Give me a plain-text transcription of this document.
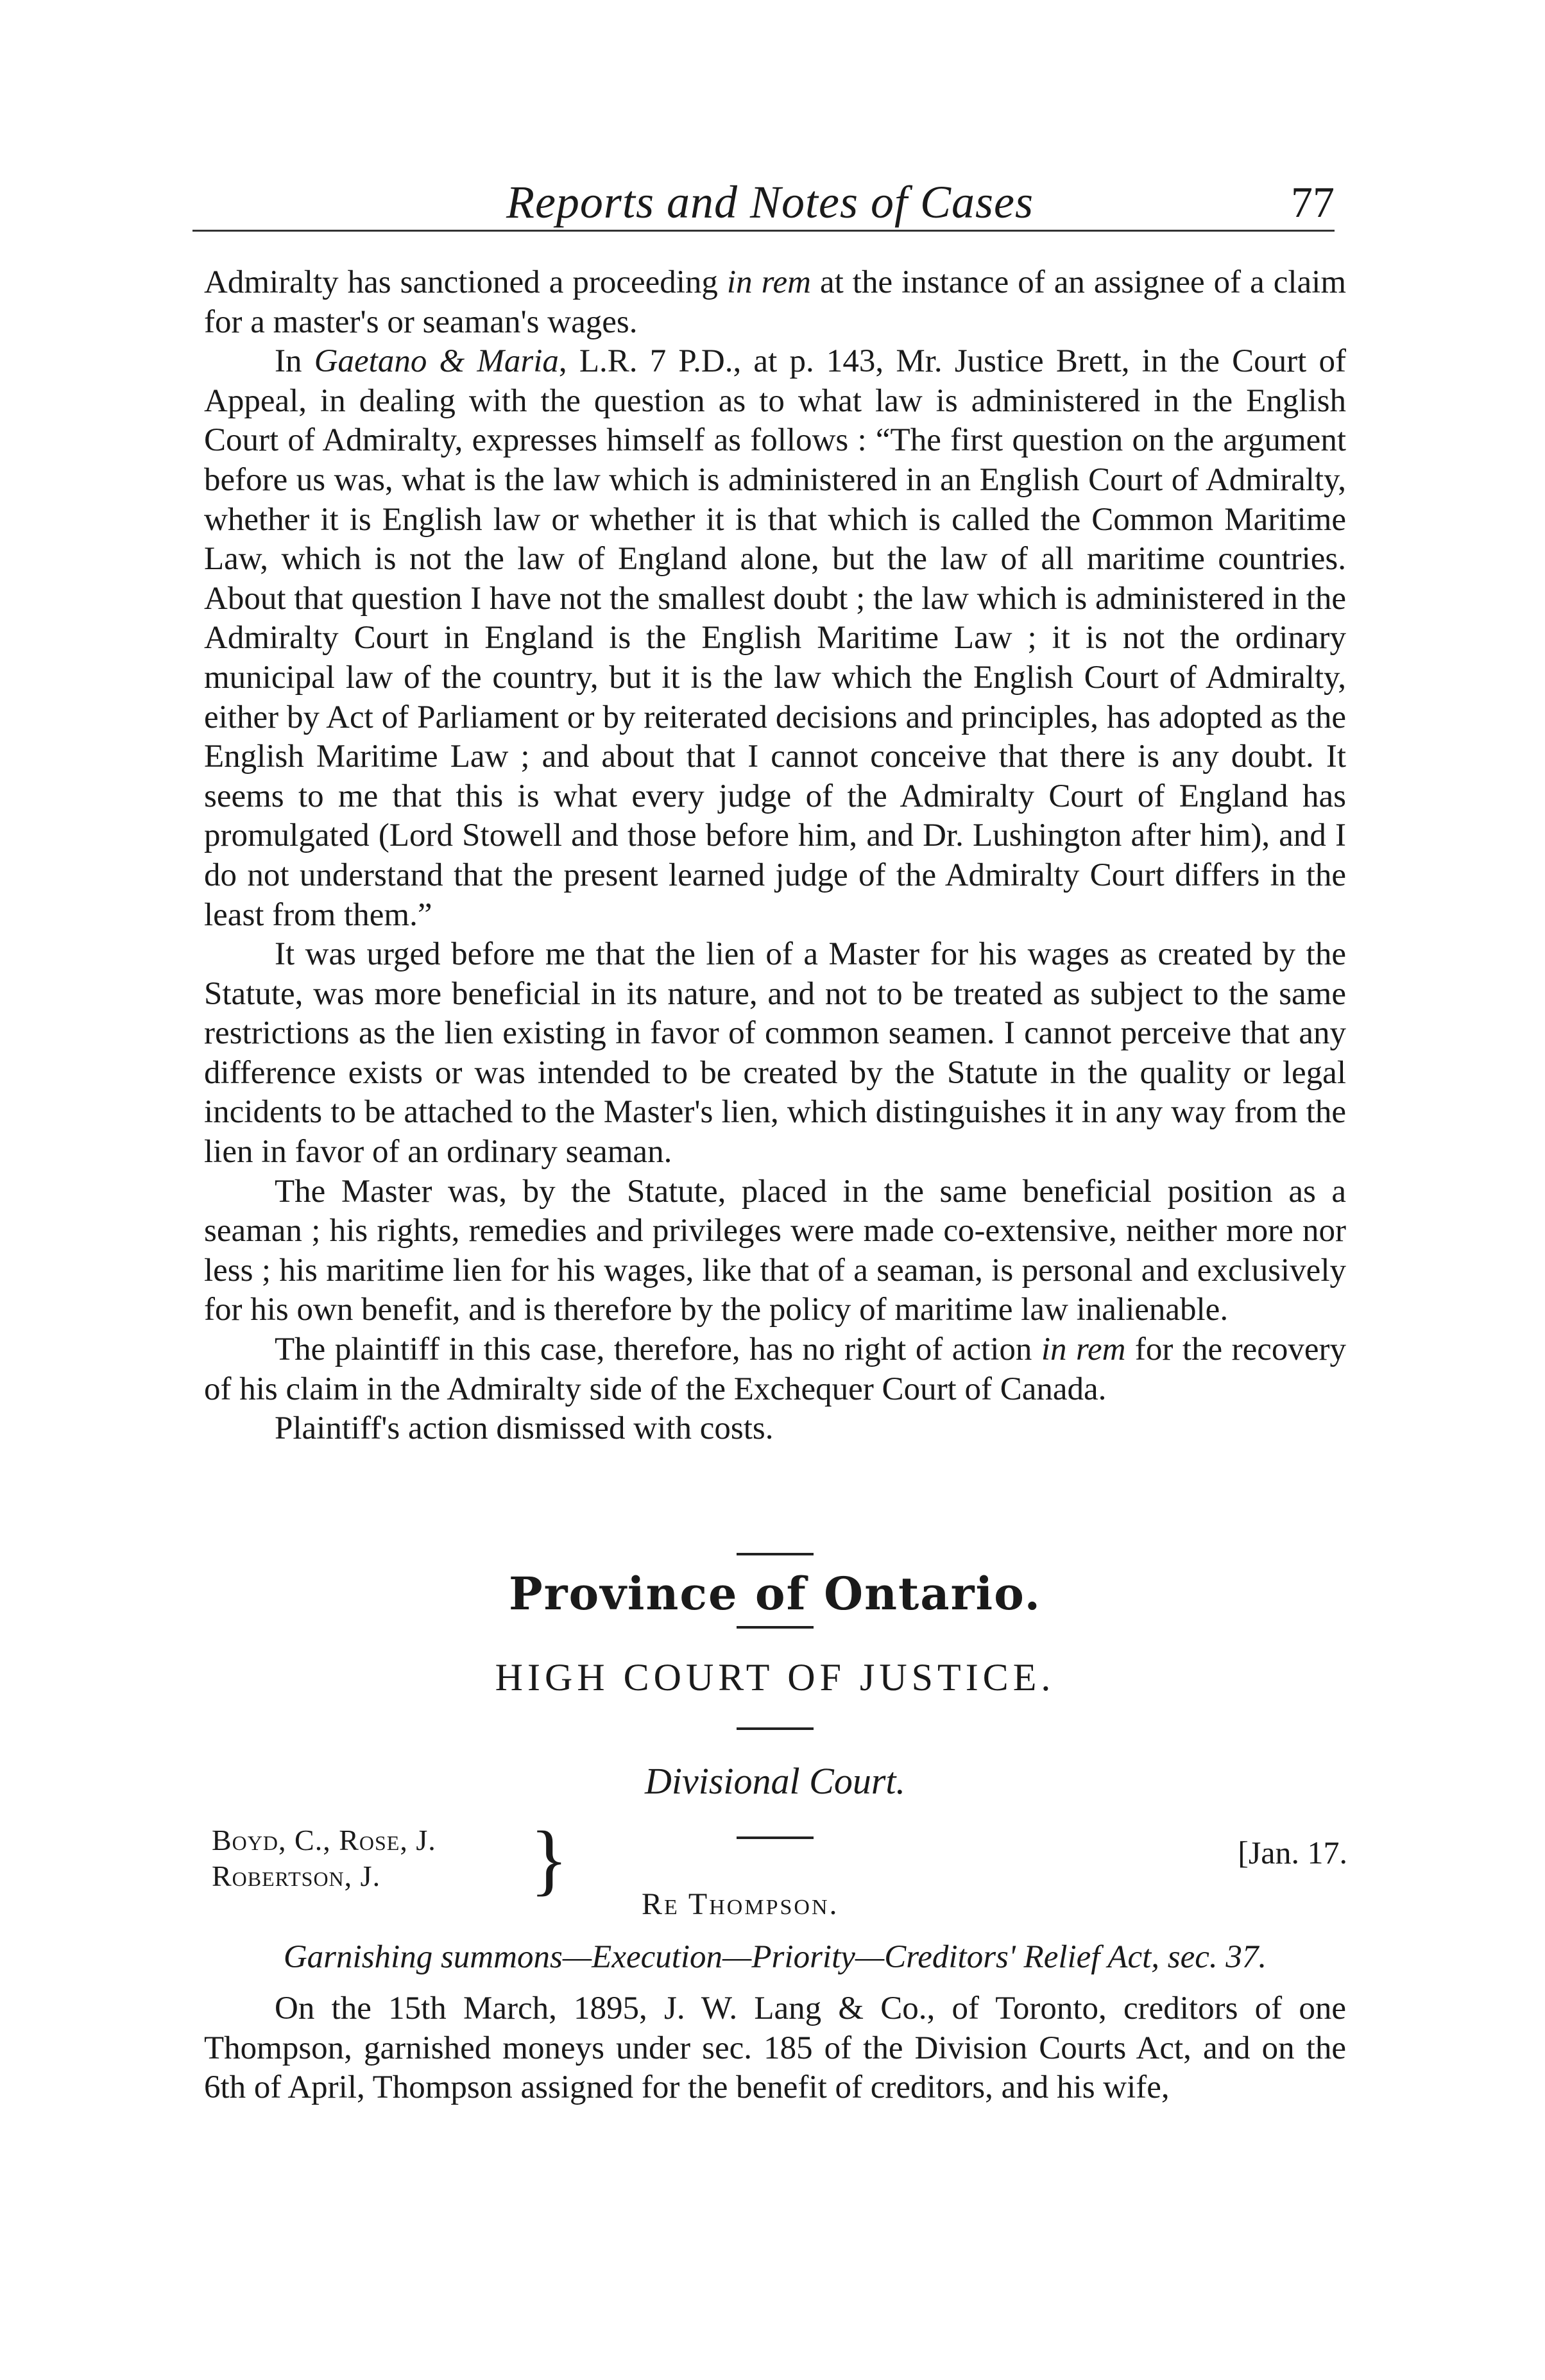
Reports and Notes of Cases	77

Admiralty has sanctioned a proceeding in rem at the instance of an assignee of a claim for a master's or seaman's wages.

In Gaetano & Maria, L.R. 7 P.D., at p. 143, Mr. Justice Brett, in the Court of Appeal, in dealing with the question as to what law is administered in the English Court of Admiralty, expresses himself as follows : “The first question on the argument before us was, what is the law which is administered in an English Court of Admiralty, whether it is English law or whether it is that which is called the Common Maritime Law, which is not the law of England alone, but the law of all maritime countries. About that question I have not the smallest doubt ; the law which is administered in the Admiralty Court in England is the English Maritime Law ; it is not the ordinary municipal law of the country, but it is the law which the English Court of Admiralty, either by Act of Parliament or by reiterated decisions and principles, has adopted as the English Maritime Law ; and about that I cannot conceive that there is any doubt. It seems to me that this is what every judge of the Admiralty Court of England has promulgated (Lord Stowell and those before him, and Dr. Lushington after him), and I do not understand that the present learned judge of the Admiralty Court differs in the least from them.”

It was urged before me that the lien of a Master for his wages as created by the Statute, was more beneficial in its nature, and not to be treated as subject to the same restrictions as the lien existing in favor of common seamen. I cannot perceive that any difference exists or was intended to be created by the Statute in the quality or legal incidents to be attached to the Master's lien, which distinguishes it in any way from the lien in favor of an ordinary seaman.

The Master was, by the Statute, placed in the same beneficial position as a seaman ; his rights, remedies and privileges were made co-extensive, neither more nor less ; his maritime lien for his wages, like that of a seaman, is personal and exclusively for his own benefit, and is therefore by the policy of maritime law inalienable.

The plaintiff in this case, therefore, has no right of action in rem for the recovery of his claim in the Admiralty side of the Exchequer Court of Canada.

Plaintiff's action dismissed with costs.

Province of Ontario.
HIGH COURT OF JUSTICE.
Divisional Court.
Boyd, C., Rose, J.
Robertson, J.	}	[Jan. 17.
Re Thompson.
Garnishing summons—Execution—Priority—Creditors' Relief Act, sec. 37.

On the 15th March, 1895, J. W. Lang & Co., of Toronto, creditors of one Thompson, garnished moneys under sec. 185 of the Division Courts Act, and on the 6th of April, Thompson assigned for the benefit of creditors, and his wife,
